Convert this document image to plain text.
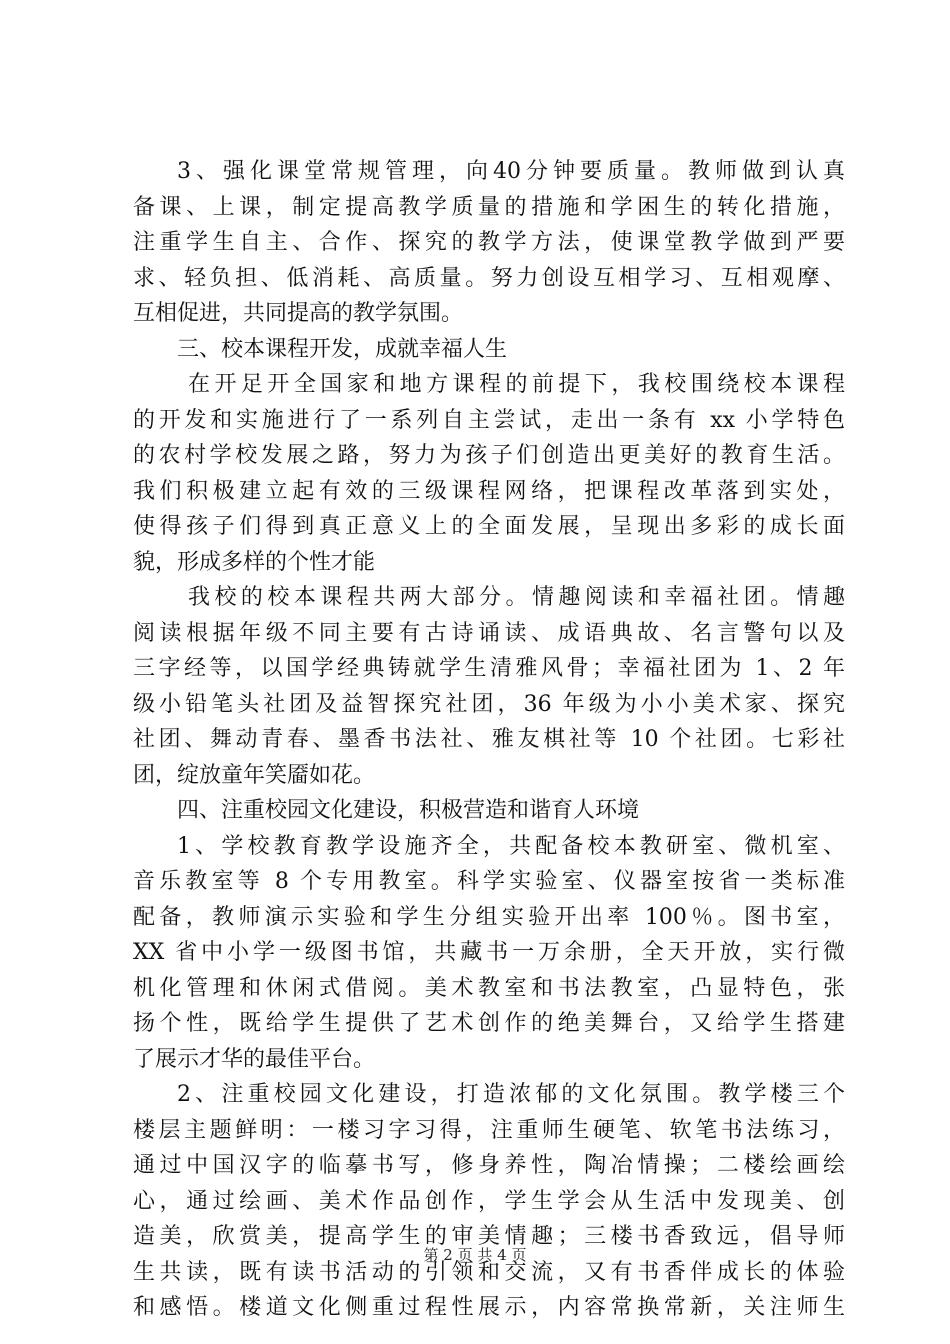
3、强化课堂常规管理，向40分钟要质量。教师做到认真
备课、上课，制定提高教学质量的措施和学困生的转化措施，
注重学生自主、合作、探究的教学方法，使课堂教学做到严要
求、轻负担、低消耗、高质量。努力创设互相学习、互相观摩、
互相促进，共同提高的教学氛围。
三、校本课程开发，成就幸福人生
在开足开全国家和地方课程的前提下，我校围绕校本课程
的开发和实施进行了一系列自主尝试，走出一条有 xx 小学特色
的农村学校发展之路，努力为孩子们创造出更美好的教育生活。
我们积极建立起有效的三级课程网络，把课程改革落到实处，
使得孩子们得到真正意义上的全面发展，呈现出多彩的成长面
貌，形成多样的个性才能
我校的校本课程共两大部分。情趣阅读和幸福社团。情趣
阅读根据年级不同主要有古诗诵读、成语典故、名言警句以及
三字经等，以国学经典铸就学生清雅风骨；幸福社团为 1、2 年
级小铅笔头社团及益智探究社团，36 年级为小小美术家、探究
社团、舞动青春、墨香书法社、雅友棋社等 10 个社团。七彩社
团，绽放童年笑靥如花。
四、注重校园文化建设，积极营造和谐育人环境
1、学校教育教学设施齐全，共配备校本教研室、微机室、
音乐教室等 8 个专用教室。科学实验室、仪器室按省一类标准
配备，教师演示实验和学生分组实验开出率 100％。图书室，
XX 省中小学一级图书馆，共藏书一万余册，全天开放，实行微
机化管理和休闲式借阅。美术教室和书法教室，凸显特色，张
扬个性，既给学生提供了艺术创作的绝美舞台，又给学生搭建
了展示才华的最佳平台。
2、注重校园文化建设，打造浓郁的文化氛围。教学楼三个
楼层主题鲜明：一楼习字习得，注重师生硬笔、软笔书法练习，
通过中国汉字的临摹书写，修身养性，陶冶情操；二楼绘画绘
心，通过绘画、美术作品创作，学生学会从生活中发现美、创
造美，欣赏美，提高学生的审美情趣；三楼书香致远，倡导师
生共读，既有读书活动的引领和交流，又有书香伴成长的体验
和感悟。楼道文化侧重过程性展示，内容常换常新，关注师生
第 2 页 共 4 页
